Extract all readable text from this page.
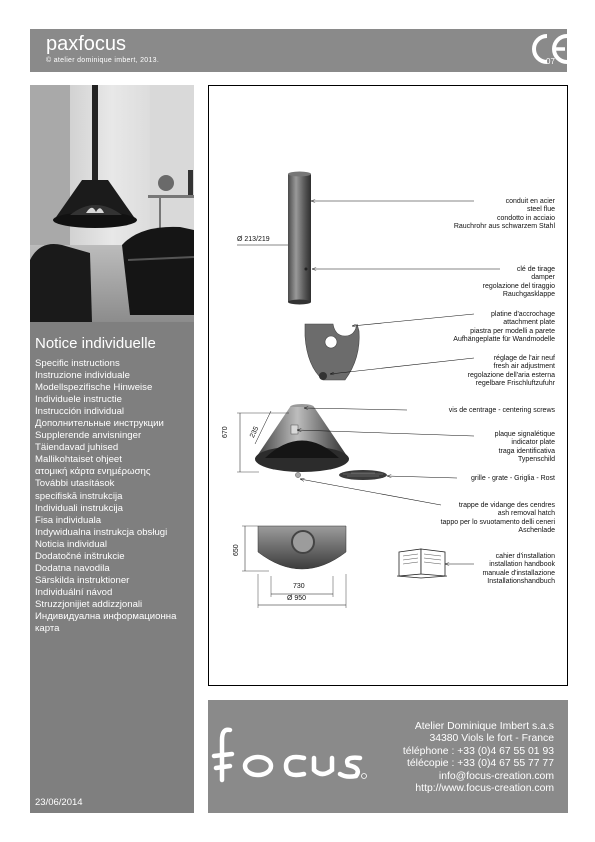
paxfocus
© atelier dominique imbert, 2013.	07
Notice individuelle
Specific instructions
Instruzione individuale
Modellspezifische Hinweise
Individuele instructie
Instrucción individual
Дополнительные инструкции
Supplerende anvisninger
Täiendavad juhised
Mallikohtaiset ohjeet
ατομική κάρτα ενημέρωσης
További utasítások
specifiskā instrukcija
Individuali instrukcija
Fisa individuala
Indywidualna instrukcja obsługi
Noticia individual
Dodatočné inštrukcie
Dodatna navodila
Särskilda instruktioner
Individuální návod
Struzzjonijiet addizzjonali
Индивидуална информационна
карта
23/06/2014
Ø 213/219
670	235
650
730
Ø 950
conduit en acier
steel flue
condotto in acciaio
Rauchrohr aus schwarzem Stahl
clé de tirage
damper
regolazione del tiraggio
Rauchgasklappe
platine d'accrochage
attachment plate
piastra per modelli a parete
Aufhängeplatte für Wandmodelle
réglage de l'air neuf
fresh air adjustment
regolazione dell'aria esterna
regelbare Frischluftzufuhr
vis de centrage - centering screws
plaque signalétique
indicator plate
traga identificativa
Typenschild
grille - grate - Griglia - Rost
trappe de vidange des cendres
ash removal hatch
tappo per lo svuotamento delli ceneri
Aschenlade
cahier d'installation
installation handbook
manuale d'installazione
Installationshandbuch
Atelier Dominique Imbert s.a.s
34380 Viols le fort - France
téléphone : +33 (0)4 67 55 01 93
télécopie : +33 (0)4 67 55 77 77
info@focus-creation.com
http://www.focus-creation.com
